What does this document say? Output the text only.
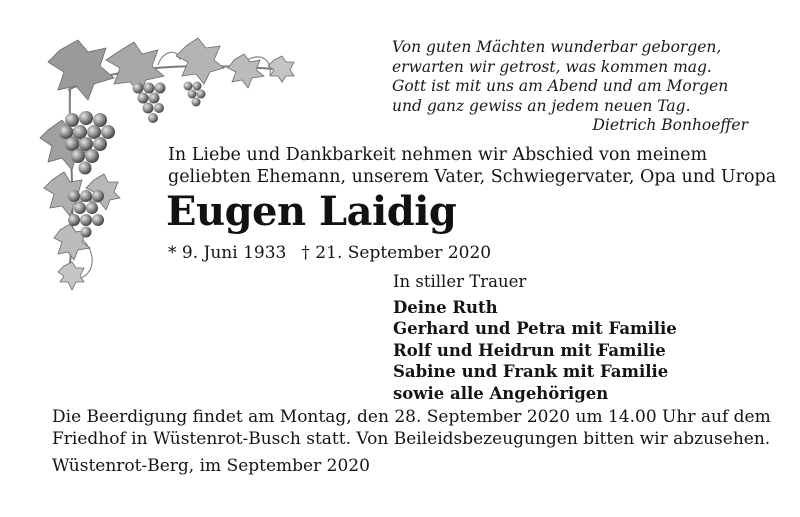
Von guten Mächten wunderbar geborgen,
erwarten wir getrost, was kommen mag.
Gott ist mit uns am Abend und am Morgen
und ganz gewiss an jedem neuen Tag.
Dietrich Bonhoeffer
In Liebe und Dankbarkeit nehmen wir Abschied von meinem
geliebten Ehemann, unserem Vater, Schwiegervater, Opa und Uropa
Eugen Laidig
* 9. Juni 1933 † 21. September 2020
In stiller Trauer
Deine Ruth
Gerhard und Petra mit Familie
Rolf und Heidrun mit Familie
Sabine und Frank mit Familie
sowie alle Angehörigen
Die Beerdigung findet am Montag, den 28. September 2020 um 14.00 Uhr auf dem
Friedhof in Wüstenrot-Busch statt. Von Beileidsbezeugungen bitten wir abzusehen.
Wüstenrot-Berg, im September 2020
